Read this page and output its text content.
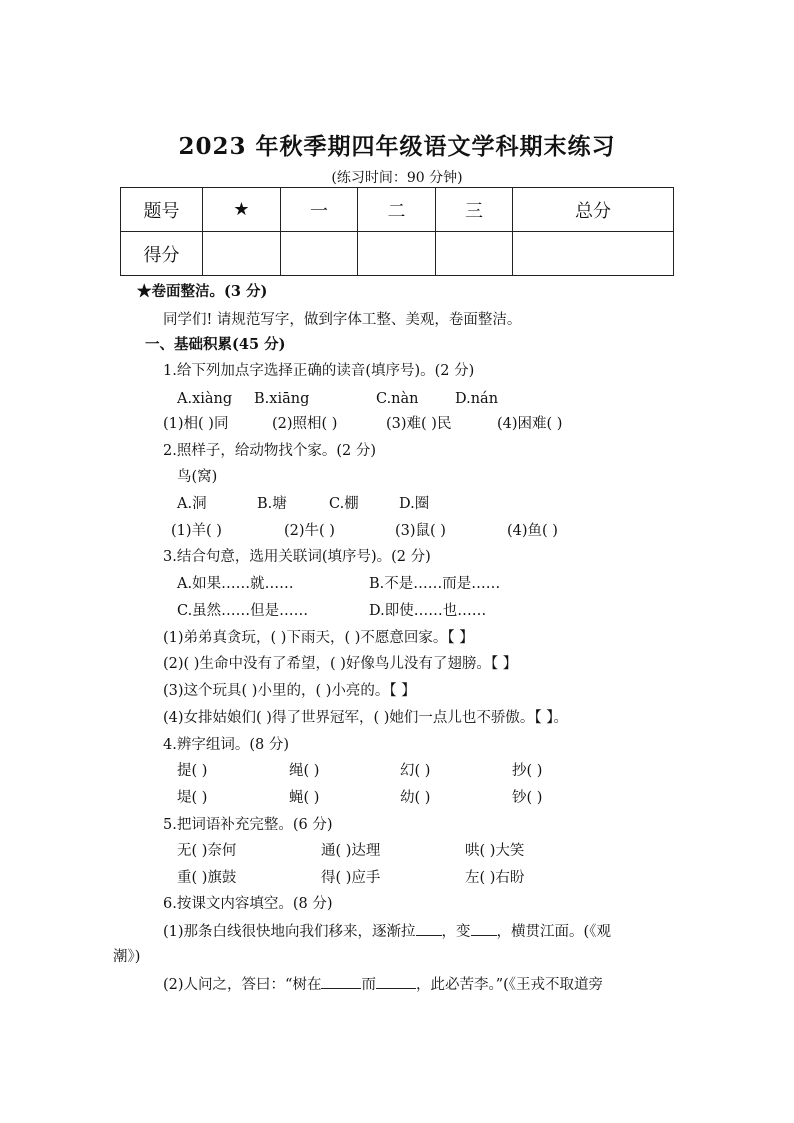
2023 年秋季期四年级语文学科期末练习
(练习时间：90 分钟)
题号	★	一	二	三	总分
得分					
★卷面整洁。(3 分)
同学们! 请规范写字，做到字体工整、美观，卷面整洁。
一、基础积累(45 分)
1.给下列加点字选择正确的读音(填序号)。(2 分)
A.xiàng B.xiāng	C.nàn	D.nán
(1)相( )同	(2)照相( )	(3)难( )民	(4)困难( )
2.照样子，给动物找个家。(2 分)
鸟(窝)
A.洞	B.塘	C.棚	D.圈
(1)羊( )	(2)牛( )	(3)鼠( )	(4)鱼( )
3.结合句意，选用关联词(填序号)。(2 分)
A.如果……就……	B.不是……而是……
C.虽然……但是……	D.即使……也……
(1)弟弟真贪玩，( )下雨天，( )不愿意回家。【 】
(2)( )生命中没有了希望，( )好像鸟儿没有了翅膀。【 】
(3)这个玩具( )小里的，( )小亮的。【 】
(4)女排姑娘们( )得了世界冠军，( )她们一点儿也不骄傲。【 】。
4.辨字组词。(8 分)
提( )	绳( )	幻( )	抄( )
堤( )	蝇( )	幼( )	钞( )
5.把词语补充完整。(6 分)
无( )奈何	通( )达理	哄( )大笑
重( )旗鼓	得( )应手	左( )右盼
6.按课文内容填空。(8 分)
(1)那条白线很快地向我们移来，逐渐拉 ，变 ，横贯江面。(《观
潮》)
(2)人问之，答曰：“树在	而	，此必苦李。”(《王戎不取道旁
